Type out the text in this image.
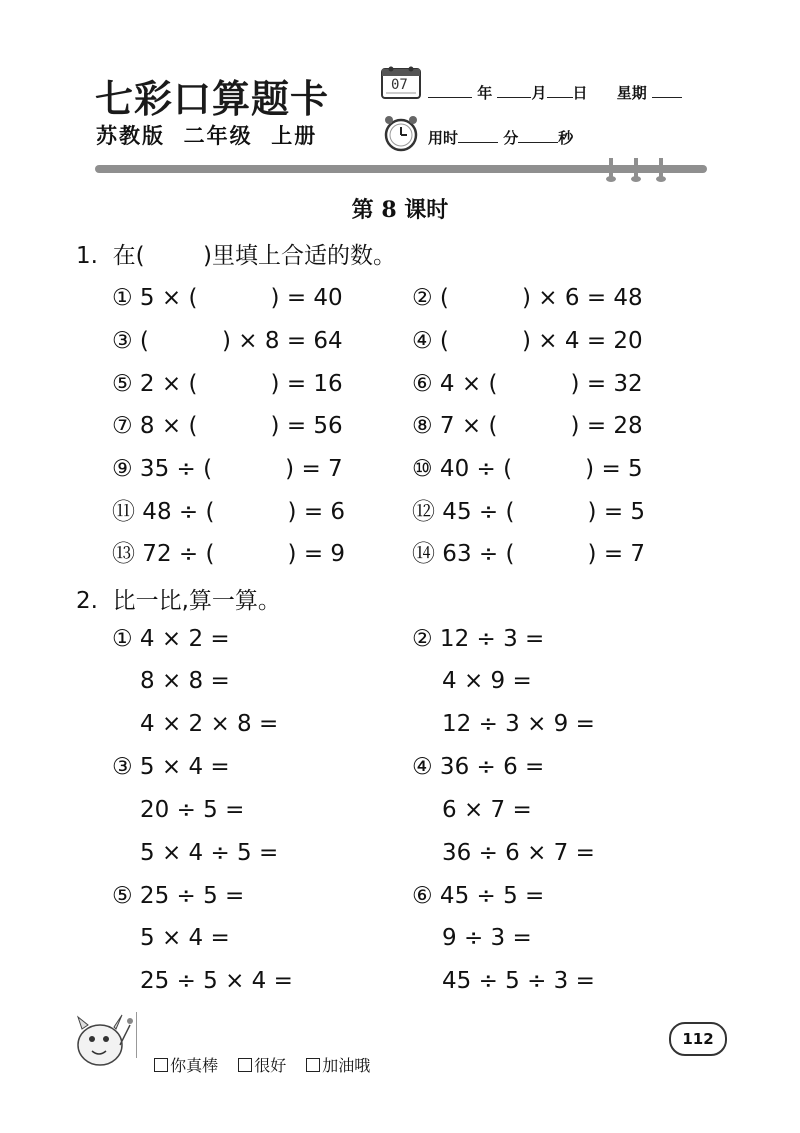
七彩口算题卡
苏教版  二年级  上册
07	年	月 日 星期
用时	分	秒
第 8 课时
1.  在(        )里填上合适的数。
① 5 × (          ) = 40	② (          ) × 6 = 48
③ (          ) × 8 = 64	④ (          ) × 4 = 20
⑤ 2 × (          ) = 16	⑥ 4 × (          ) = 32
⑦ 8 × (          ) = 56	⑧ 7 × (          ) = 28
⑨ 35 ÷ (          ) = 7	⑩ 40 ÷ (          ) = 5
⑪ 48 ÷ (          ) = 6	⑫ 45 ÷ (          ) = 5
⑬ 72 ÷ (          ) = 9	⑭ 63 ÷ (          ) = 7
2.  比一比,算一算。
① 4 × 2 =
8 × 8 =
4 × 2 × 8 =
② 12 ÷ 3 =
4 × 9 =
12 ÷ 3 × 9 =
③ 5 × 4 =
20 ÷ 5 =
5 × 4 ÷ 5 =
④ 36 ÷ 6 =
6 × 7 =
36 ÷ 6 × 7 =
⑤ 25 ÷ 5 =
5 × 4 =
25 ÷ 5 × 4 =
⑥ 45 ÷ 5 =
9 ÷ 3 =
45 ÷ 5 ÷ 3 =

你真棒 很好 加油哦

112
